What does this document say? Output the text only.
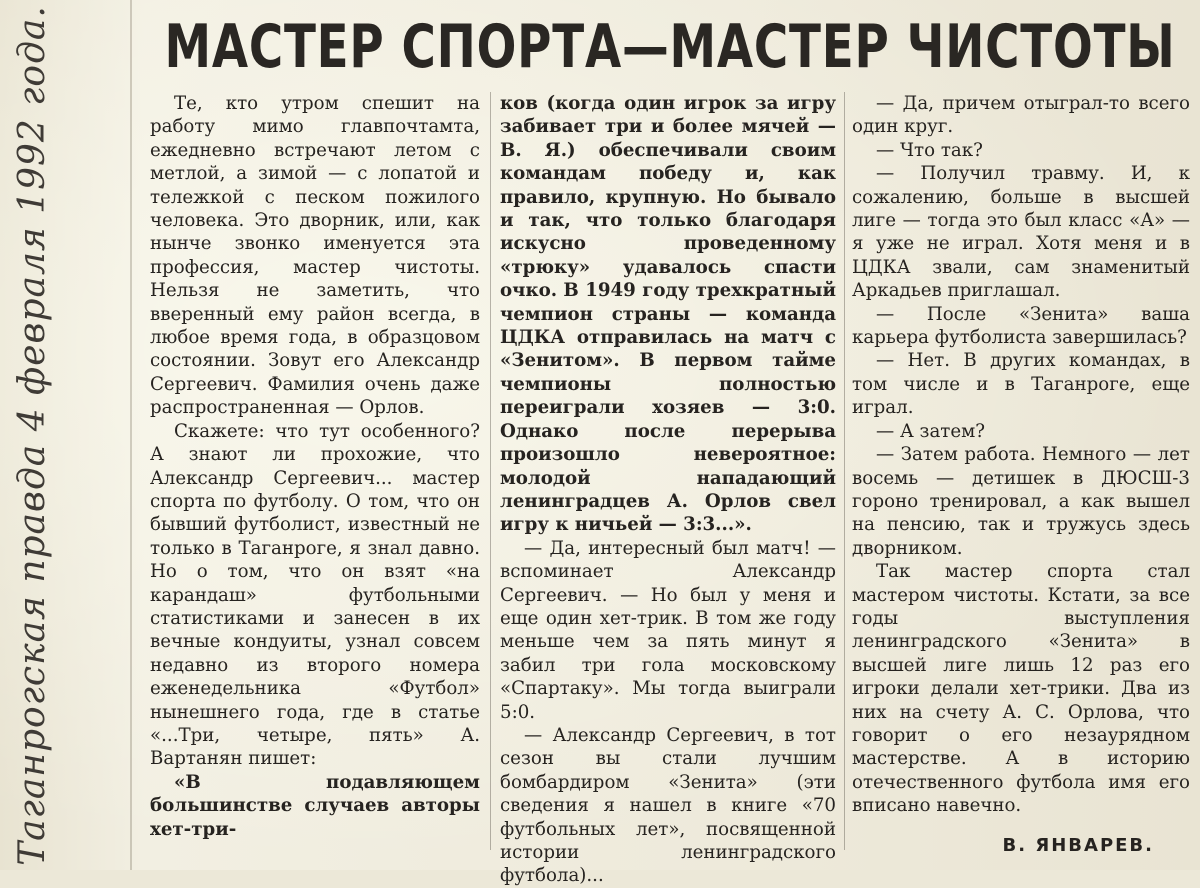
Таганрогская правда 4 февраля 1992 года. МАСТЕР СПОРТА—МАСТЕР ЧИСТОТЫ

Те, кто утром спешит на работу мимо главпочтамта, ежедневно встречают летом с метлой, а зимой — с лопатой и тележкой с песком пожилого человека. Это дворник, или, как нынче звонко именуется эта профессия, мастер чистоты. Нельзя не заметить, что вверенный ему район всегда, в любое время года, в образцовом состоянии. Зовут его Александр Сергеевич. Фамилия очень даже распространенная — Орлов.

Скажете: что тут особенного? А знают ли прохожие, что Александр Сергеевич... мастер спорта по футболу. О том, что он бывший футболист, известный не только в Таганроге, я знал давно. Но о том, что он взят «на карандаш» футбольными статистиками и занесен в их вечные кондуиты, узнал совсем недавно из второго номера еженедельника «Футбол» нынешнего года, где в статье «...Три, четыре, пять» А. Вартанян пишет:

«В подавляющем большинстве случаев авторы хет-три-

ков (когда один игрок за игру забивает три и более мячей — В. Я.) обеспечивали своим командам победу и, как правило, крупную. Но бывало и так, что только благодаря искусно проведенному «трюку» удавалось спасти очко. В 1949 году трехкратный чемпион страны — команда ЦДКА отправилась на матч с «Зенитом». В первом тайме чемпионы полностью переиграли хозяев — 3:0. Однако после перерыва произошло невероятное: молодой нападающий ленинградцев А. Орлов свел игру к ничьей — 3:3...».

— Да, интересный был матч! — вспоминает Александр Сергеевич. — Но был у меня и еще один хет-трик. В том же году меньше чем за пять минут я забил три гола московскому «Спартаку». Мы тогда выиграли 5:0.

— Александр Сергеевич, в тот сезон вы стали лучшим бомбардиром «Зенита» (эти сведения я нашел в книге «70 футбольных лет», посвященной истории ленинградского футбола)...

— Да, причем отыграл-то всего один круг.

— Что так?

— Получил травму. И, к сожалению, больше в высшей лиге — тогда это был класс «А» — я уже не играл. Хотя меня и в ЦДКА звали, сам знаменитый Аркадьев приглашал.

— После «Зенита» ваша карьера футболиста завершилась?

— Нет. В других командах, в том числе и в Таганроге, еще играл.

— А затем?

— Затем работа. Немного — лет восемь — детишек в ДЮСШ-3 гороно тренировал, а как вышел на пенсию, так и тружусь здесь дворником.

Так мастер спорта стал мастером чистоты. Кстати, за все годы выступления ленинградского «Зенита» в высшей лиге лишь 12 раз его игроки делали хет-трики. Два из них на счету А. С. Орлова, что говорит о его незаурядном мастерстве. А в историю отечественного футбола имя его вписано навечно.

В. ЯНВАРЕВ.
